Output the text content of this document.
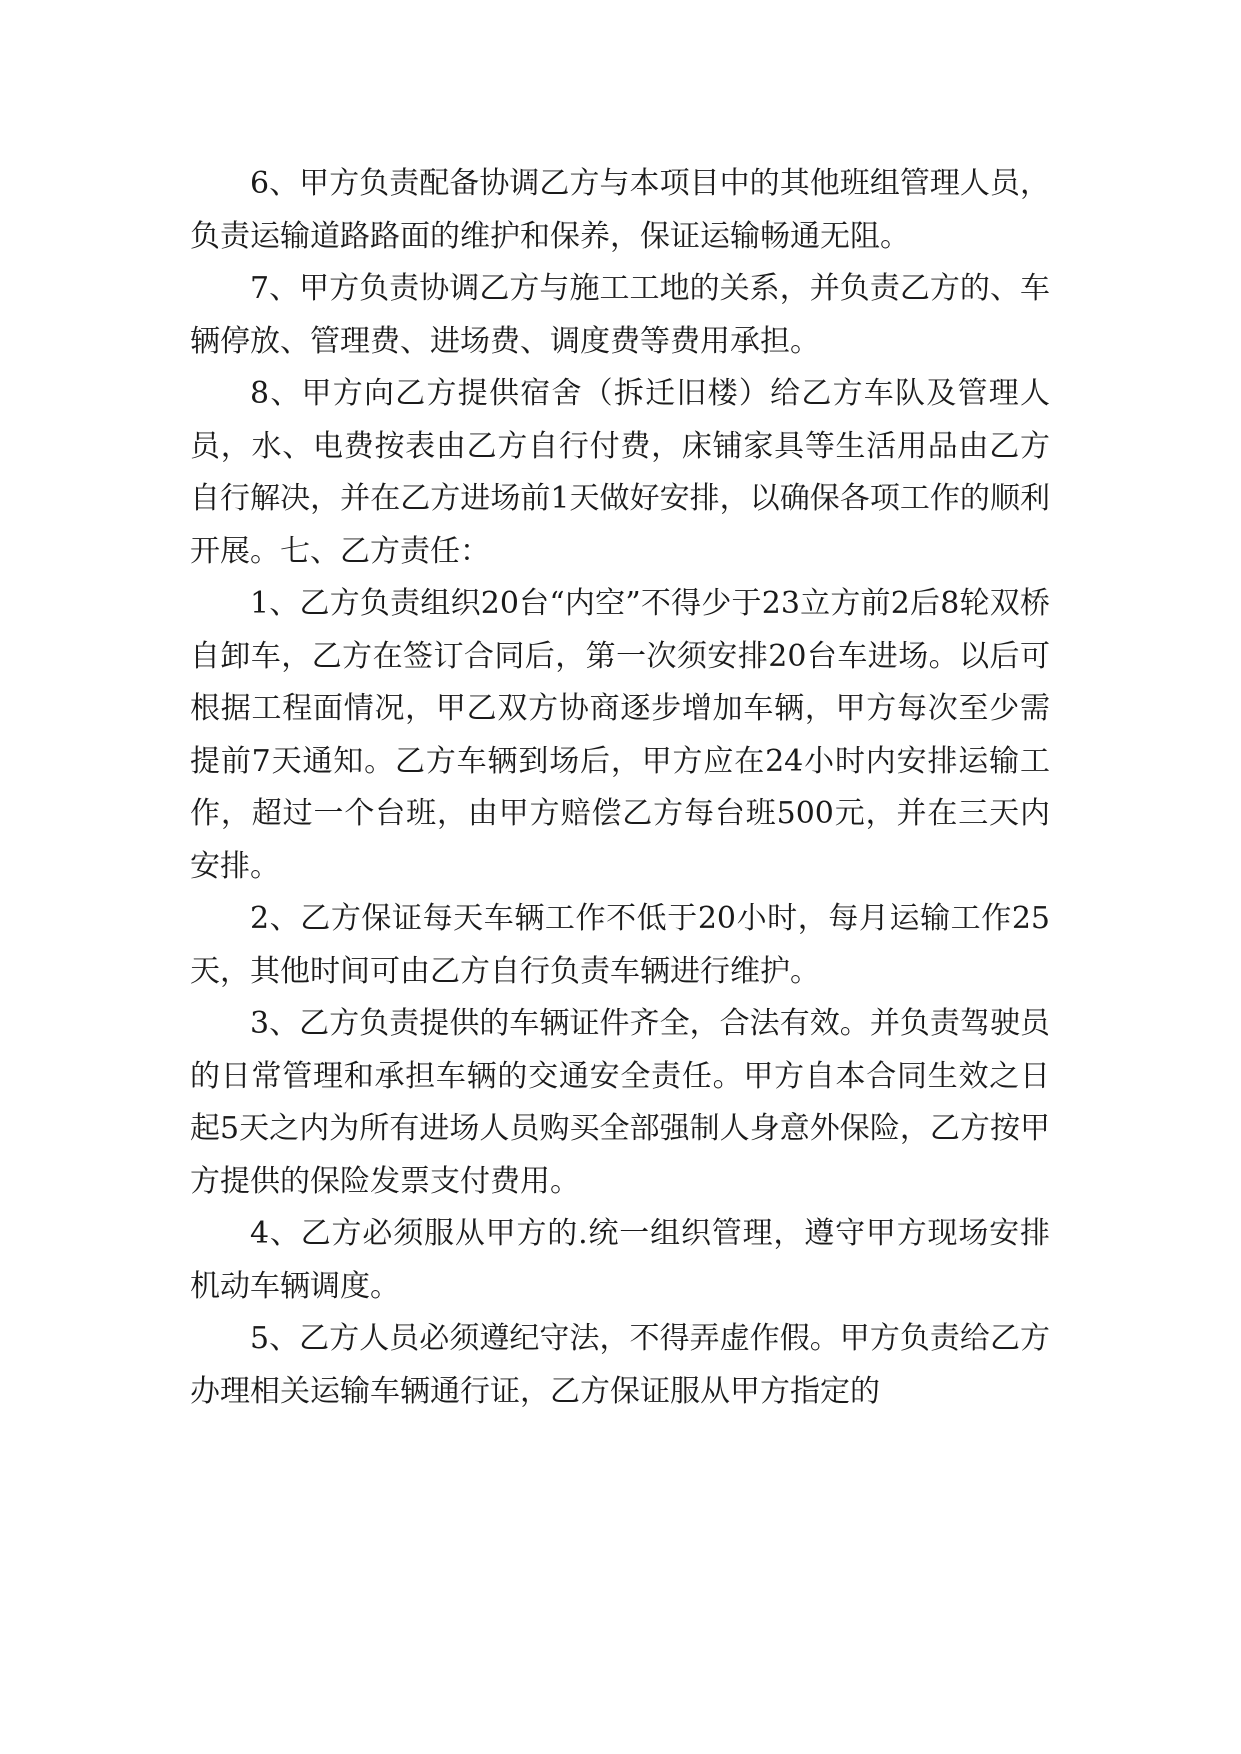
6、甲方负责配备协调乙方与本项目中的其他班组管理人员，负责运输道路路面的维护和保养，保证运输畅通无阻。

7、甲方负责协调乙方与施工工地的关系，并负责乙方的、车辆停放、管理费、进场费、调度费等费用承担。

8、甲方向乙方提供宿舍（拆迁旧楼）给乙方车队及管理人员，水、电费按表由乙方自行付费，床铺家具等生活用品由乙方自行解决，并在乙方进场前1天做好安排，以确保各项工作的顺利开展。七、乙方责任：

1、乙方负责组织20台“内空”不得少于23立方前2后8轮双桥自卸车，乙方在签订合同后，第一次须安排20台车进场。以后可根据工程面情况，甲乙双方协商逐步增加车辆，甲方每次至少需提前7天通知。乙方车辆到场后，甲方应在24小时内安排运输工作，超过一个台班，由甲方赔偿乙方每台班500元，并在三天内安排。

2、乙方保证每天车辆工作不低于20小时，每月运输工作25天，其他时间可由乙方自行负责车辆进行维护。

3、乙方负责提供的车辆证件齐全，合法有效。并负责驾驶员的日常管理和承担车辆的交通安全责任。甲方自本合同生效之日起5天之内为所有进场人员购买全部强制人身意外保险，乙方按甲方提供的保险发票支付费用。

4、乙方必须服从甲方的.统一组织管理，遵守甲方现场安排机动车辆调度。

5、乙方人员必须遵纪守法，不得弄虚作假。甲方负责给乙方办理相关运输车辆通行证，乙方保证服从甲方指定的
